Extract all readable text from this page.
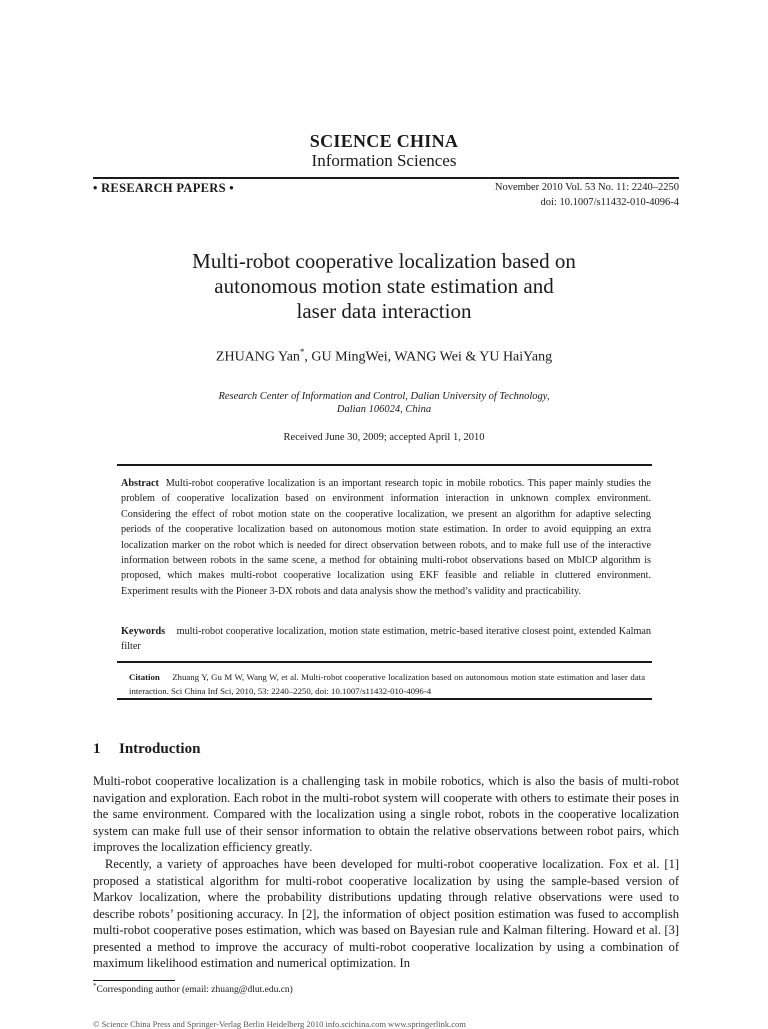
SCIENCE CHINA
Information Sciences
• RESEARCH PAPERS •	November 2010 Vol. 53 No. 11: 2240–2250
doi: 10.1007/s11432-010-4096-4
Multi-robot cooperative localization based on
autonomous motion state estimation and
laser data interaction
ZHUANG Yan*, GU MingWei, WANG Wei & YU HaiYang
Research Center of Information and Control, Dalian University of Technology,
Dalian 106024, China
Received June 30, 2009; accepted April 1, 2010
Abstract Multi-robot cooperative localization is an important research topic in mobile robotics. This paper mainly studies the problem of cooperative localization based on environment information interaction in unknown complex environment. Considering the effect of robot motion state on the cooperative localization, we present an algorithm for adaptive selecting periods of the cooperative localization based on autonomous motion state estimation. In order to avoid equipping an extra localization marker on the robot which is needed for direct observation between robots, and to make full use of the interactive information between robots in the same scene, a method for obtaining multi-robot observations based on MbICP algorithm is proposed, which makes multi-robot cooperative localization using EKF feasible and reliable in cluttered environment. Experiment results with the Pioneer 3-DX robots and data analysis show the method’s validity and practicability.
Keywords multi-robot cooperative localization, motion state estimation, metric-based iterative closest point, extended Kalman filter
Citation Zhuang Y, Gu M W, Wang W, et al. Multi-robot cooperative localization based on autonomous motion state estimation and laser data interaction. Sci China Inf Sci, 2010, 53: 2240–2250, doi: 10.1007/s11432-010-4096-4
1 Introduction
Multi-robot cooperative localization is a challenging task in mobile robotics, which is also the basis of multi-robot navigation and exploration. Each robot in the multi-robot system will cooperate with others to estimate their poses in the same environment. Compared with the localization using a single robot, robots in the cooperative localization system can make full use of their sensor information to obtain the relative observations between robot pairs, which improves the localization efficiency greatly.
Recently, a variety of approaches have been developed for multi-robot cooperative localization. Fox et al. [1] proposed a statistical algorithm for multi-robot cooperative localization by using the sample-based version of Markov localization, where the probability distributions updating through relative observations were used to describe robots’ positioning accuracy. In [2], the information of object position estimation was fused to accomplish multi-robot cooperative poses estimation, which was based on Bayesian rule and Kalman filtering. Howard et al. [3] presented a method to improve the accuracy of multi-robot cooperative localization by using a combination of maximum likelihood estimation and numerical optimization. In
*Corresponding author (email: zhuang@dlut.edu.cn)
© Science China Press and Springer-Verlag Berlin Heidelberg 2010 info.scichina.com www.springerlink.com
